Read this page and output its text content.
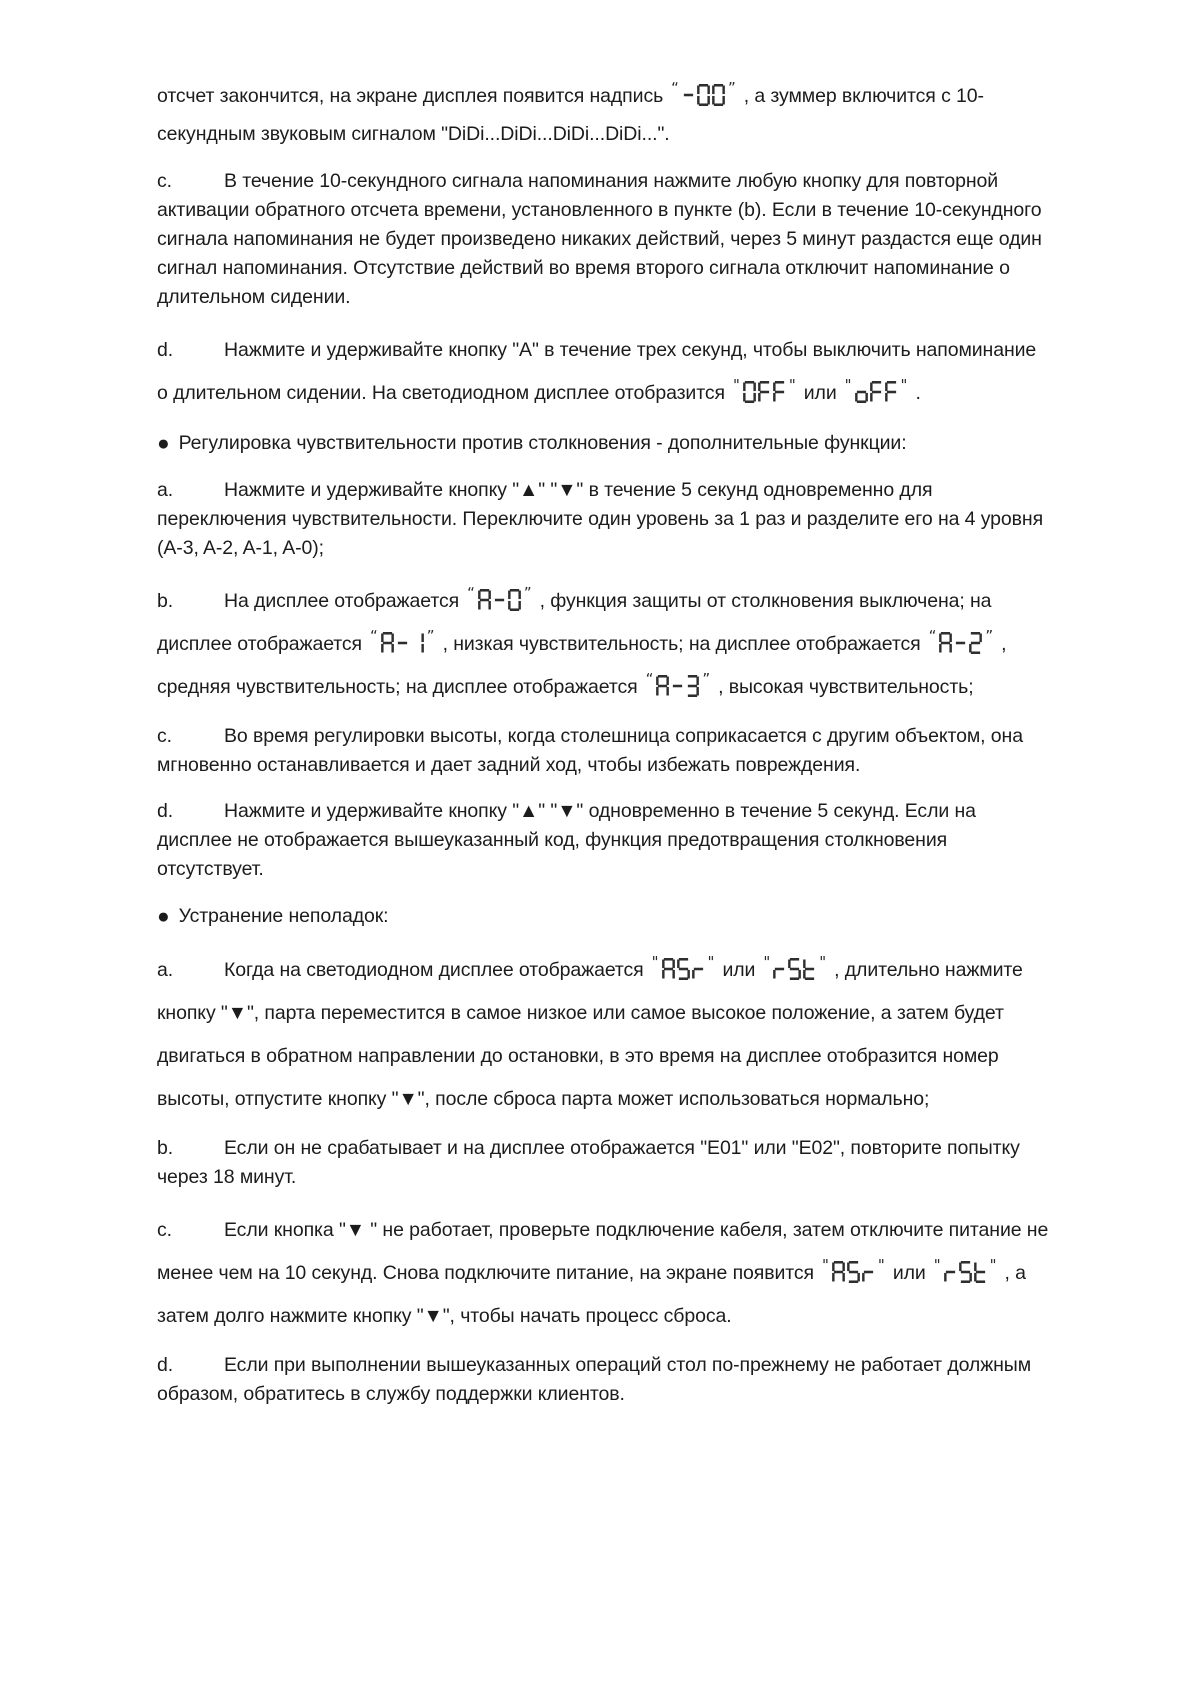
отсчет закончится, на экране дисплея появится надпись “	” , а зуммер включится с 10-секундным звуковым сигналом "DiDi...DiDi...DiDi...DiDi...".

c.	В течение 10-секундного сигнала напоминания нажмите любую кнопку для повторной активации обратного отсчета времени, установленного в пункте (b). Если в течение 10-секундного сигнала напоминания не будет произведено никаких действий, через 5 минут раздастся еще один сигнал напоминания. Отсутствие действий во время второго сигнала отключит напоминание о длительном сидении.

d.	Нажмите и удерживайте кнопку "A" в течение трех секунд, чтобы выключить напоминание о длительном сидении. На светодиодном дисплее отобразится "	" или "	" .

● Регулировка чувствительности против столкновения - дополнительные функции:

a.	Нажмите и удерживайте кнопку "▲" "▼" в течение 5 секунд одновременно для переключения чувствительности. Переключите один уровень за 1 раз и разделите его на 4 уровня (A-3, A-2, A-1, A-0);

b.	На дисплее отображается “	” , функция защиты от столкновения выключена; на дисплее отображается “	” , низкая чувствительность; на дисплее отображается “	” , средняя чувствительность; на дисплее отображается “	” , высокая чувствительность;

c.	Во время регулировки высоты, когда столешница соприкасается с другим объектом, она мгновенно останавливается и дает задний ход, чтобы избежать повреждения.

d.	Нажмите и удерживайте кнопку "▲" "▼" одновременно в течение 5 секунд. Если на дисплее не отображается вышеуказанный код, функция предотвращения столкновения отсутствует.

● Устранение неполадок:

a.	Когда на светодиодном дисплее отображается "	" или "	" , длительно нажмите кнопку "▼", парта переместится в самое низкое или самое высокое положение, а затем будет двигаться в обратном направлении до остановки, в это время на дисплее отобразится номер высоты, отпустите кнопку "▼", после сброса парта может использоваться нормально;

b.	Если он не срабатывает и на дисплее отображается "E01" или "E02", повторите попытку через 18 минут.

c.	Если кнопка "▼ " не работает, проверьте подключение кабеля, затем отключите питание не менее чем на 10 секунд. Снова подключите питание, на экране появится "	" или "	" , а затем долго нажмите кнопку "▼", чтобы начать процесс сброса.

d.	Если при выполнении вышеуказанных операций стол по-прежнему не работает должным образом, обратитесь в службу поддержки клиентов.
